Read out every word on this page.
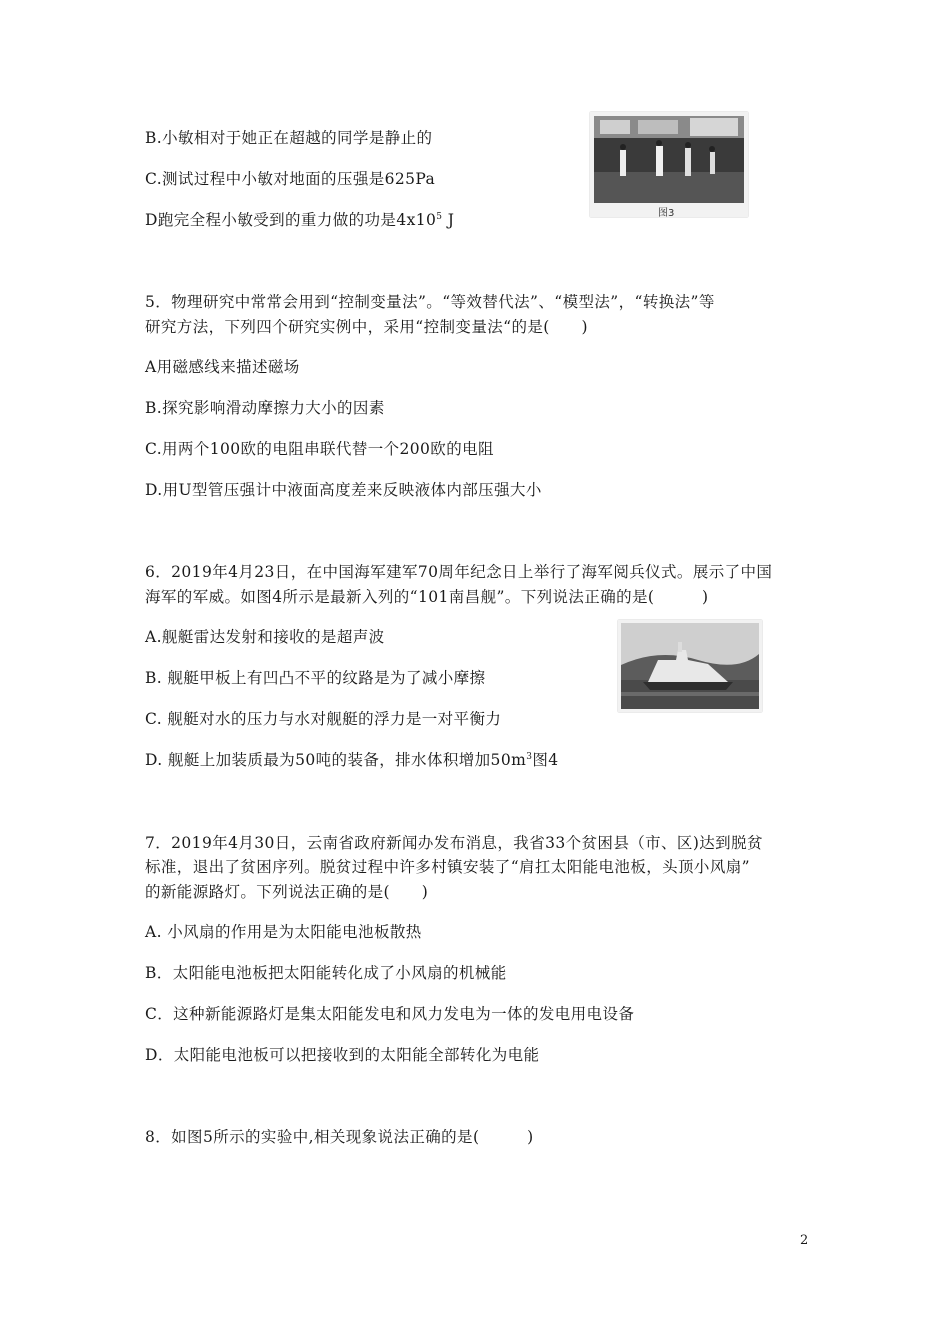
B.小敏相对于她正在超越的同学是静止的
C.测试过程中小敏对地面的压强是625Pa
D跑完全程小敏受到的重力做的功是$4x10^5$ J	图3
5．物理研究中常常会用到“控制变量法”。“等效替代法”、“模型法”，“转换法”等
研究方法，下列四个研究实例中，采用“控制变量法“的是(　　)
A用磁感线来描述磁场
B.探究影响滑动摩擦力大小的因素
C.用两个100欧的电阻串联代替一个200欧的电阻
D.用U型管压强计中液面高度差来反映液体内部压强大小
6．2019年4月23日，在中国海军建军70周年纪念日上举行了海军阅兵仪式。展示了中国
海军的军威。如图4所示是最新入列的“101南昌舰”。下列说法正确的是(　　　)
A.舰艇雷达发射和接收的是超声波
B. 舰艇甲板上有凹凸不平的纹路是为了减小摩擦
C. 舰艇对水的压力与水对舰艇的浮力是一对平衡力
D. 舰艇上加装质最为50吨的装备，排水体积增加$50m^3$图4
7．2019年4月30日，云南省政府新闻办发布消息，我省33个贫困县（市、区)达到脱贫
标准，退出了贫困序列。脱贫过程中许多村镇安装了“肩扛太阳能电池板，头顶小风扇”
的新能源路灯。下列说法正确的是(　　)
A. 小风扇的作用是为太阳能电池板散热
B．太阳能电池板把太阳能转化成了小风扇的机械能
C．这种新能源路灯是集太阳能发电和风力发电为一体的发电用电设备
D．太阳能电池板可以把接收到的太阳能全部转化为电能
8．如图5所示的实验中,相关现象说法正确的是(　　　)
2
